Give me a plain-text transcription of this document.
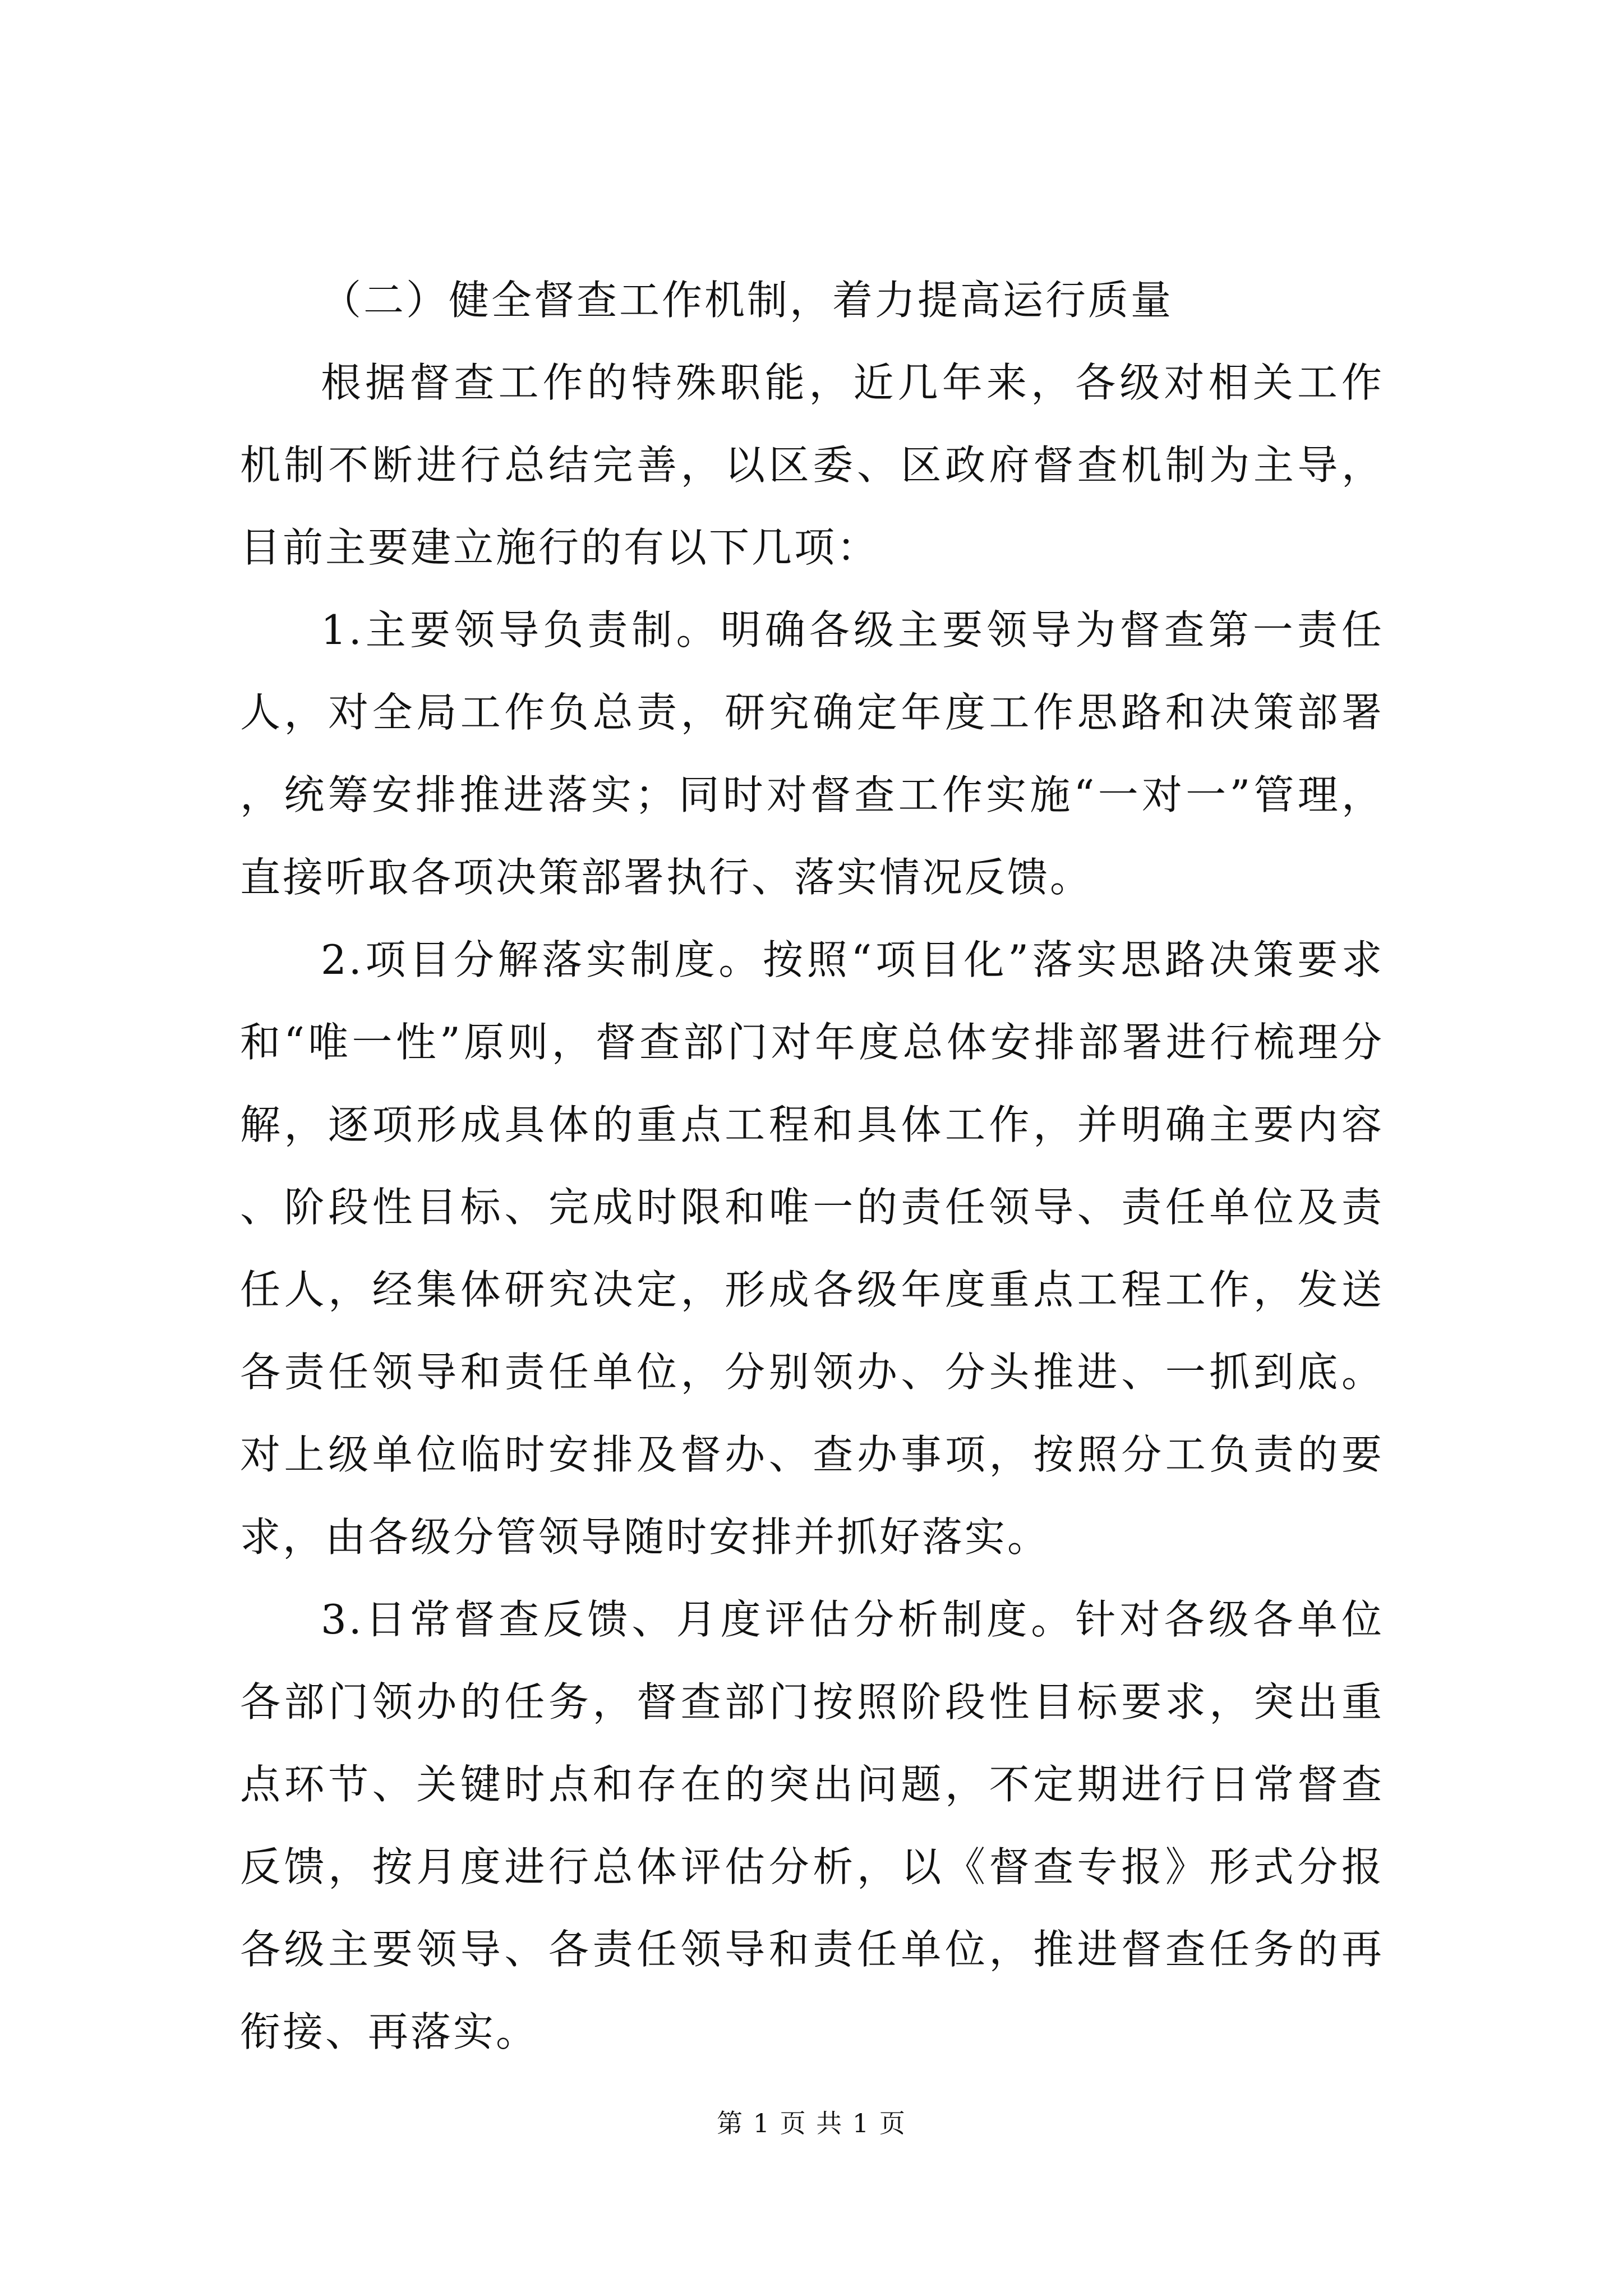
（二）健全督查工作机制，着力提高运行质量

根据督查工作的特殊职能，近几年来，各级对相关工作机制不断进行总结完善，以区委、区政府督查机制为主导，目前主要建立施行的有以下几项：

1.主要领导负责制。明确各级主要领导为督查第一责任人，对全局工作负总责，研究确定年度工作思路和决策部署，统筹安排推进落实；同时对督查工作实施“一对一”管理，直接听取各项决策部署执行、落实情况反馈。

2.项目分解落实制度。按照“项目化”落实思路决策要求和“唯一性”原则，督查部门对年度总体安排部署进行梳理分解，逐项形成具体的重点工程和具体工作，并明确主要内容、阶段性目标、完成时限和唯一的责任领导、责任单位及责任人，经集体研究决定，形成各级年度重点工程工作，发送各责任领导和责任单位，分别领办、分头推进、一抓到底。对上级单位临时安排及督办、查办事项，按照分工负责的要求，由各级分管领导随时安排并抓好落实。

3.日常督查反馈、月度评估分析制度。针对各级各单位各部门领办的任务，督查部门按照阶段性目标要求，突出重点环节、关键时点和存在的突出问题，不定期进行日常督查反馈，按月度进行总体评估分析，以《督查专报》形式分报各级主要领导、各责任领导和责任单位，推进督查任务的再衔接、再落实。

第 1 页 共 1 页
